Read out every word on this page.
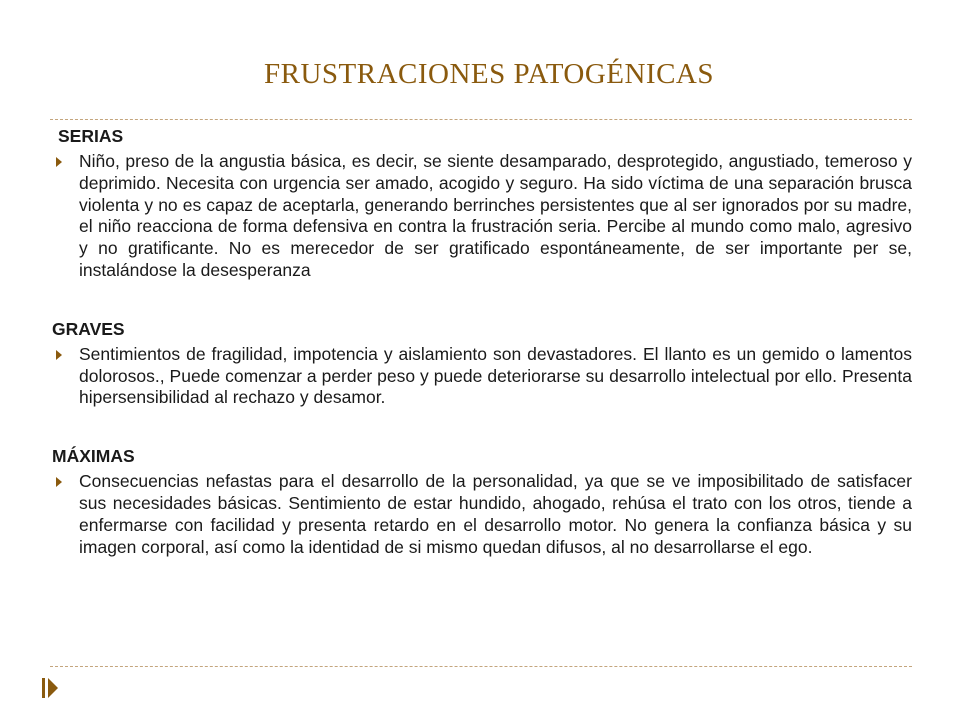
FRUSTRACIONES PATOGÉNICAS

SERIAS

Niño, preso de la angustia básica, es decir, se siente desamparado, desprotegido, angustiado, temeroso y deprimido. Necesita con urgencia ser amado, acogido y seguro. Ha sido víctima de una separación brusca violenta y no es capaz de aceptarla, generando berrinches persistentes que al ser ignorados por su madre, el niño reacciona de forma defensiva en contra la frustración seria. Percibe al mundo como malo, agresivo y no gratificante. No es merecedor de ser gratificado espontáneamente, de ser importante per se, instalándose la desesperanza

GRAVES

Sentimientos de fragilidad, impotencia y aislamiento son devastadores. El llanto es un gemido o lamentos dolorosos., Puede comenzar a perder peso y puede deteriorarse su desarrollo intelectual por ello. Presenta hipersensibilidad al rechazo y desamor.

MÁXIMAS

Consecuencias nefastas para el desarrollo de la personalidad, ya que se ve imposibilitado de satisfacer sus necesidades básicas. Sentimiento de estar hundido, ahogado, rehúsa el trato con los otros, tiende a enfermarse con facilidad y presenta retardo en el desarrollo motor. No genera la confianza básica y su imagen corporal, así como la identidad de si mismo quedan difusos, al no desarrollarse el ego.
